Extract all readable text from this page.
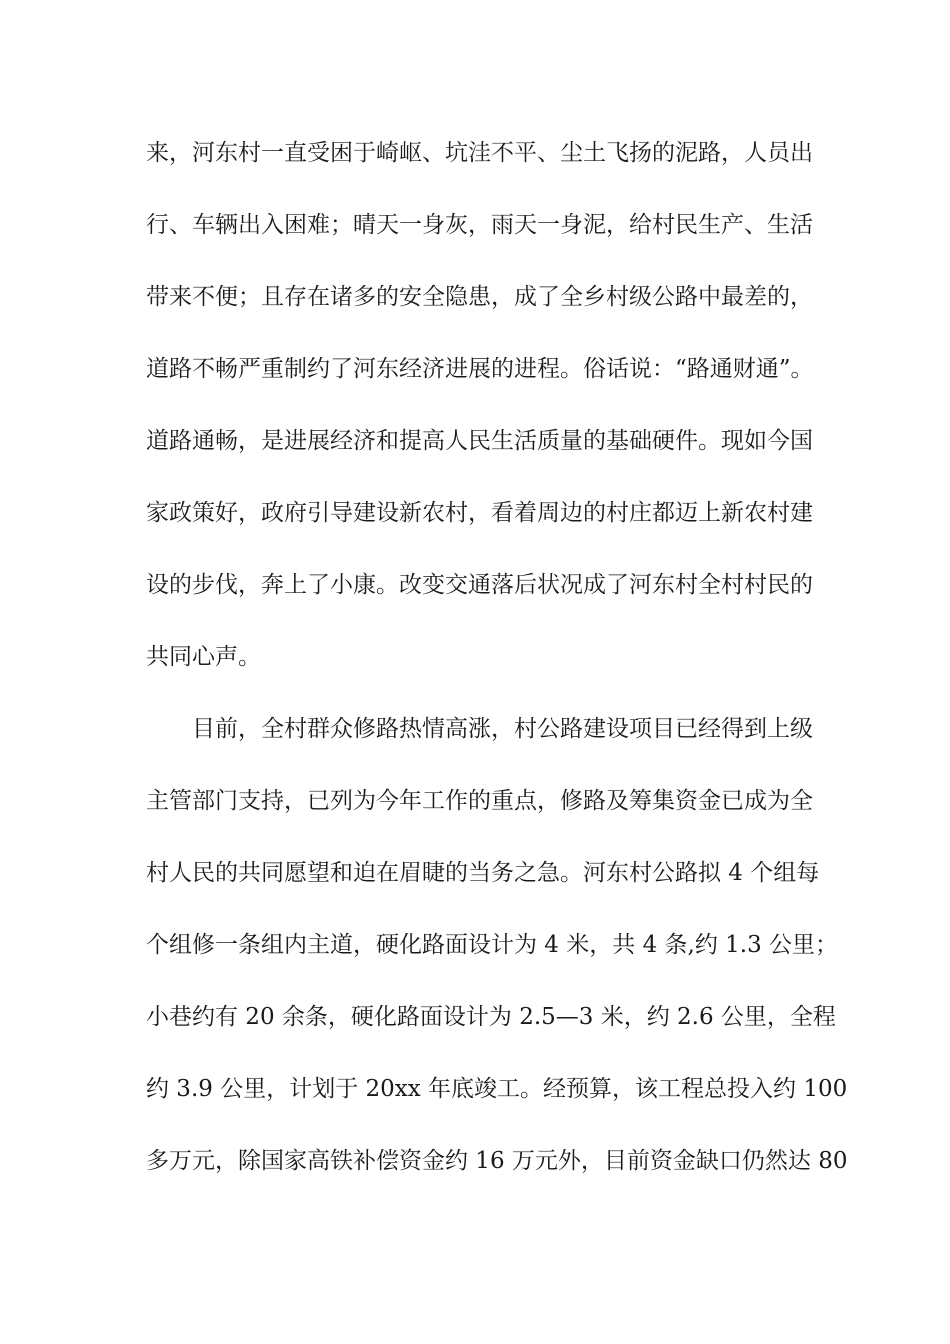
来，河东村一直受困于崎岖、坑洼不平、尘土飞扬的泥路，人员出
行、车辆出入困难；晴天一身灰，雨天一身泥，给村民生产、生活
带来不便；且存在诸多的安全隐患，成了全乡村级公路中最差的，
道路不畅严重制约了河东经济进展的进程。俗话说：“路通财通”。
道路通畅，是进展经济和提高人民生活质量的基础硬件。现如今国
家政策好，政府引导建设新农村，看着周边的村庄都迈上新农村建
设的步伐，奔上了小康。改变交通落后状况成了河东村全村村民的
共同心声。
目前，全村群众修路热情高涨，村公路建设项目已经得到上级
主管部门支持，已列为今年工作的重点，修路及筹集资金已成为全
村人民的共同愿望和迫在眉睫的当务之急。河东村公路拟 4 个组每
个组修一条组内主道，硬化路面设计为 4 米，共 4 条,约 1.3 公里；
小巷约有 20 余条，硬化路面设计为 2.5—3 米，约 2.6 公里，全程
约 3.9 公里，计划于 20xx 年底竣工。经预算，该工程总投入约 100
多万元，除国家高铁补偿资金约 16 万元外，目前资金缺口仍然达 80
